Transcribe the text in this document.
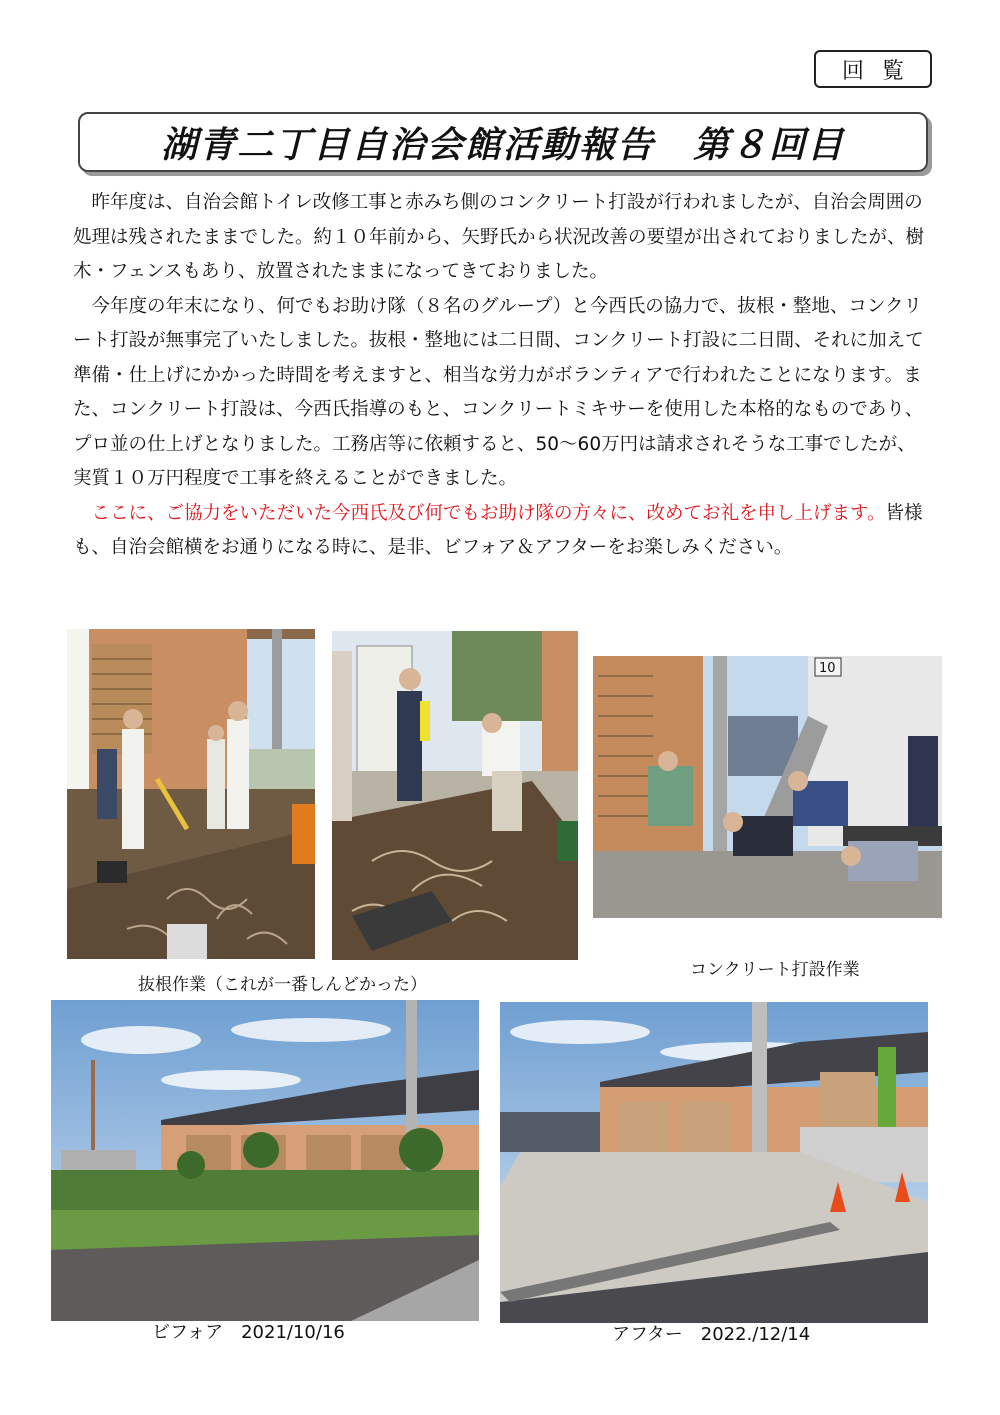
回覧
湖青二丁目自治会館活動報告　第８回目

昨年度は、自治会館トイレ改修工事と赤みち側のコンクリート打設が行われましたが、自治会周囲の処理は残されたままでした。約１０年前から、矢野氏から状況改善の要望が出されておりましたが、樹木・フェンスもあり、放置されたままになってきておりました。

今年度の年末になり、何でもお助け隊（８名のグループ）と今西氏の協力で、抜根・整地、コンクリート打設が無事完了いたしました。抜根・整地には二日間、コンクリート打設に二日間、それに加えて準備・仕上げにかかった時間を考えますと、相当な労力がボランティアで行われたことになります。また、コンクリート打設は、今西氏指導のもと、コンクリートミキサーを使用した本格的なものであり、プロ並の仕上げとなりました。工務店等に依頼すると、50～60万円は請求されそうな工事でしたが、実質１０万円程度で工事を終えることができました。

ここに、ご協力をいただいた今西氏及び何でもお助け隊の方々に、改めてお礼を申し上げます。皆様も、自治会館横をお通りになる時に、是非、ビフォア＆アフターをお楽しみください。

10
抜根作業（これが一番しんどかった）
コンクリート打設作業
ビフォア　2021/10/16	アフター　2022./12/14
